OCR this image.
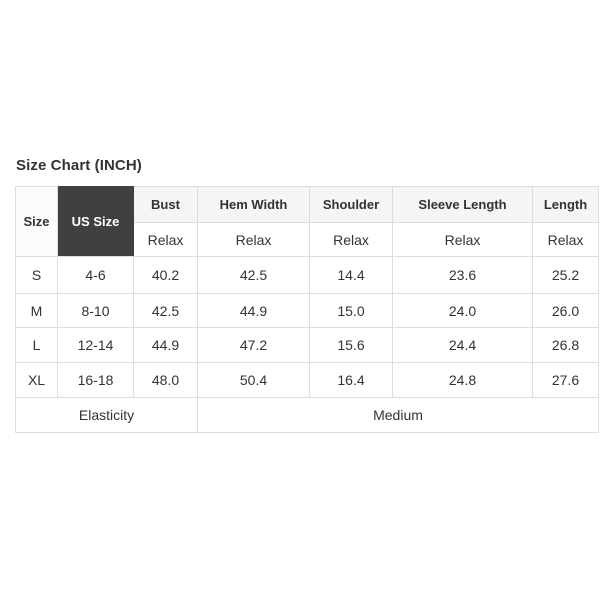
Size Chart (INCH)
Size	US Size	Bust	Hem Width	Shoulder	Sleeve Length	Length
		Relax	Relax	Relax	Relax	Relax
S	4-6	40.2	42.5	14.4	23.6	25.2
M	8-10	42.5	44.9	15.0	24.0	26.0
L	12-14	44.9	47.2	15.6	24.4	26.8
XL	16-18	48.0	50.4	16.4	24.8	27.6
Elasticity			Medium			
